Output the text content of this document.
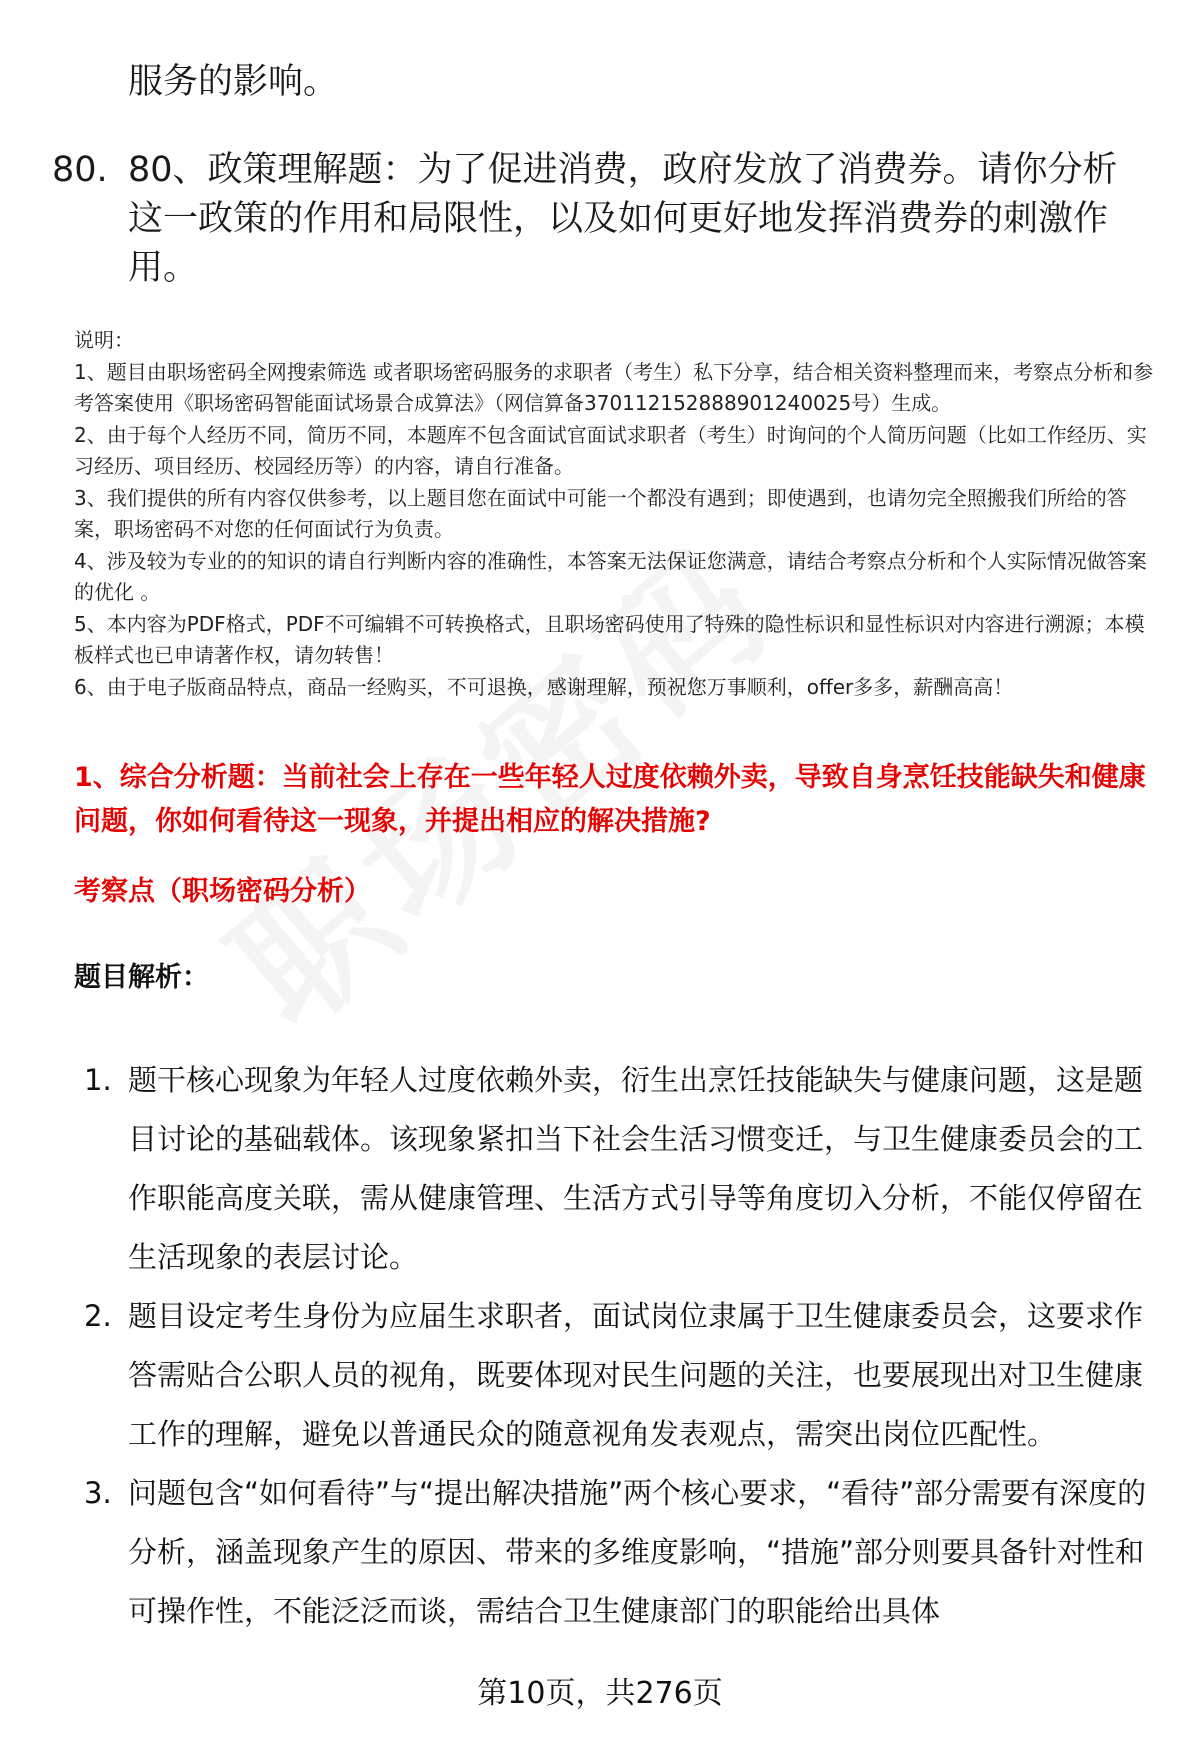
服务的影响。
80. 80、政策理解题：为了促进消费，政府发放了消费券。请你分析这一政策的作用和局限性，以及如何更好地发挥消费券的刺激作用。

说明：

1、题目由职场密码全网搜索筛选 或者职场密码服务的求职者（考生）私下分享，结合相关资料整理而来，考察点分析和参考答案使用《职场密码智能面试场景合成算法》（网信算备370112152888901240025号）生成。

2、由于每个人经历不同，简历不同，本题库不包含面试官面试求职者（考生）时询问的个人简历问题（比如工作经历、实习经历、项目经历、校园经历等）的内容，请自行准备。

3、我们提供的所有内容仅供参考，以上题目您在面试中可能一个都没有遇到；即使遇到，也请勿完全照搬我们所给的答案，职场密码不对您的任何面试行为负责。

4、涉及较为专业的的知识的请自行判断内容的准确性，本答案无法保证您满意，请结合考察点分析和个人实际情况做答案的优化 。

5、本内容为PDF格式，PDF不可编辑不可转换格式，且职场密码使用了特殊的隐性标识和显性标识对内容进行溯源；本模板样式也已申请著作权，请勿转售！

6、由于电子版商品特点，商品一经购买，不可退换，感谢理解，预祝您万事顺利，offer多多，薪酬高高！

1、综合分析题：当前社会上存在一些年轻人过度依赖外卖，导致自身烹饪技能缺失和健康问题，你如何看待这一现象，并提出相应的解决措施?
考察点（职场密码分析）
题目解析：
1. 题干核心现象为年轻人过度依赖外卖，衍生出烹饪技能缺失与健康问题，这是题目讨论的基础载体。该现象紧扣当下社会生活习惯变迁，与卫生健康委员会的工作职能高度关联，需从健康管理、生活方式引导等角度切入分析，不能仅停留在生活现象的表层讨论。
2. 题目设定考生身份为应届生求职者，面试岗位隶属于卫生健康委员会，这要求作答需贴合公职人员的视角，既要体现对民生问题的关注，也要展现出对卫生健康工作的理解，避免以普通民众的随意视角发表观点，需突出岗位匹配性。
3. 问题包含“如何看待”与“提出解决措施”两个核心要求，“看待”部分需要有深度的分析，涵盖现象产生的原因、带来的多维度影响，“措施”部分则要具备针对性和可操作性，不能泛泛而谈，需结合卫生健康部门的职能给出具体
第10页，共276页
